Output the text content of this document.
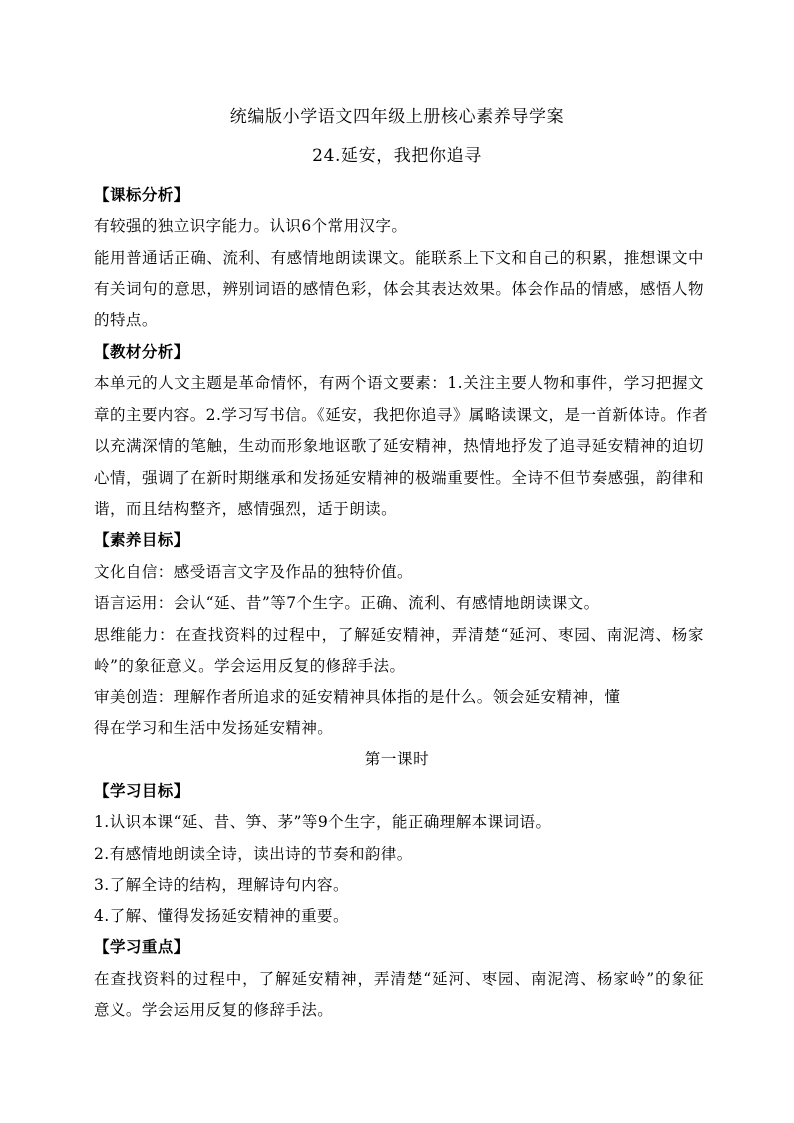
统编版小学语文四年级上册核心素养导学案
24.延安，我把你追寻
【课标分析】
有较强的独立识字能力。认识6个常用汉字。
能用普通话正确、流利、有感情地朗读课文。能联系上下文和自己的积累，推想课文中
有关词句的意思，辨别词语的感情色彩，体会其表达效果。体会作品的情感，感悟人物
的特点。
【教材分析】
本单元的人文主题是革命情怀，有两个语文要素：1.关注主要人物和事件，学习把握文
章的主要内容。2.学习写书信。《延安，我把你追寻》属略读课文，是一首新体诗。作者
以充满深情的笔触，生动而形象地讴歌了延安精神，热情地抒发了追寻延安精神的迫切
心情，强调了在新时期继承和发扬延安精神的极端重要性。全诗不但节奏感强，韵律和
谐，而且结构整齐，感情强烈，适于朗读。
【素养目标】
文化自信：感受语言文字及作品的独特价值。
语言运用：会认“延、昔”等7个生字。正确、流利、有感情地朗读课文。
思维能力：在查找资料的过程中，了解延安精神，弄清楚“延河、枣园、南泥湾、杨家
岭”的象征意义。学会运用反复的修辞手法。
审美创造：理解作者所追求的延安精神具体指的是什么。领会延安精神，懂
得在学习和生活中发扬延安精神。
第一课时
【学习目标】
1.认识本课“延、昔、笋、茅”等9个生字，能正确理解本课词语。
2.有感情地朗读全诗，读出诗的节奏和韵律。
3.了解全诗的结构，理解诗句内容。
4.了解、懂得发扬延安精神的重要。
【学习重点】
在查找资料的过程中，了解延安精神，弄清楚“延河、枣园、南泥湾、杨家岭”的象征
意义。学会运用反复的修辞手法。
